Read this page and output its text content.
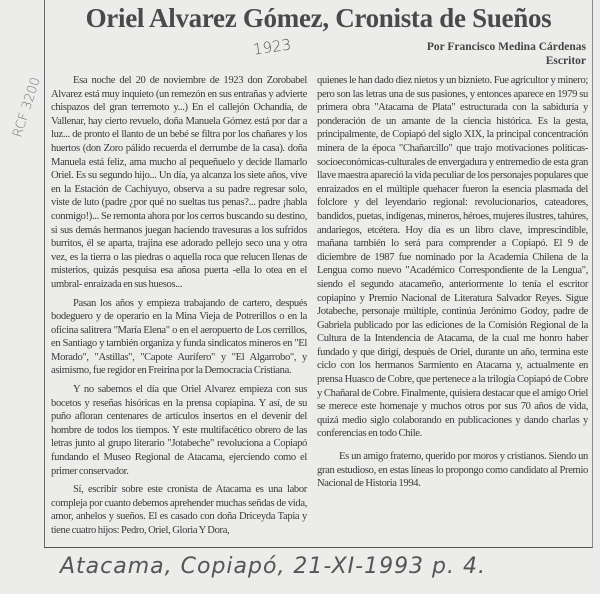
RCF 3200
Oriel Alvarez Gómez, Cronista de Sueños
1923	Por Francisco Medina Cárdenas
Escritor

Esa noche del 20 de noviembre de 1923 don Zorobabel Alvarez está muy inquieto (un remezón en sus entrañas y advierte chispazos del gran terremoto y...) En el callejón Ochandía, de Vallenar, hay cierto revuelo, doña Manuela Gómez está por dar a luz... de pronto el llanto de un bebé se filtra por los chañares y los huertos (don Zoro pálido recuerda el derrumbe de la casa). doña Manuela está feliz, ama mucho al pequeñuelo y decide llamarlo Oriel. Es su segundo hijo... Un día, ya alcanza los siete años, vive en la Estación de Cachiyuyo, observa a su padre regresar solo, viste de luto (padre ¿por qué no sueltas tus penas?... padre ¡habla conmigo!)... Se remonta ahora por los cerros buscando su destino, si sus demás hermanos juegan haciendo travesuras a los sufridos burritos, él se aparta, trajina ese adorado pellejo seco una y otra vez, es la tierra o las piedras o aquella roca que relucen llenas de misterios, quizás pesquisa esa añosa puerta -ella lo otea en el umbral- enraizada en sus huesos...

Pasan los años y empieza trabajando de cartero, después bodeguero y de operario en la Mina Vieja de Potrerillos o en la oficina salitrera "María Elena" o en el aeropuerto de Los cerrillos, en Santiago y también organiza y funda sindicatos mineros en "El Morado", "Astillas", "Capote Aurífero" y "El Algarrobo", y asimismo, fue regidor en Freirina por la Democracia Cristiana.

Y no sabemos el día que Oriel Alvarez empieza con sus bocetos y reseñas hisóricas en la prensa copiapina. Y así, de su puño afloran centenares de artículos insertos en el devenir del hombre de todos los tiempos. Y este multifacético obrero de las letras junto al grupo literario "Jotabeche" revoluciona a Copiapó fundando el Museo Regional de Atacama, ejerciendo como el primer conservador.

Sí, escribir sobre este cronista de Atacama es una labor compleja por cuanto debemos aprehender muchas señdas de vida, amor, anhelos y sueños. El es casado con doña Driceyda Tapia y tiene cuatro hijos: Pedro, Oriel, Gloria Y Dora,

quienes le han dado diez nietos y un biznieto. Fue agricultor y minero; pero son las letras una de sus pasiones, y entonces aparece en 1979 su primera obra "Atacama de Plata" estructurada con la sabiduría y ponderación de un amante de la ciencia histórica. Es la gesta, principalmente, de Copiapó del siglo XIX, la principal concentración minera de la época "Chañarcillo" que trajo motivaciones políticas-socioeconómicas-culturales de envergadura y entremedio de esta gran llave maestra apareció la vida peculiar de los personajes populares que enraizados en el múltiple quehacer fueron la esencia plasmada del folclore y del leyendario regional: revolucionarios, cateadores, bandidos, puetas, indígenas, mineros, héroes, mujeres ilustres, tahúres, andariegos, etcétera. Hoy día es un libro clave, imprescindible, mañana también lo será para comprender a Copiapó. El 9 de diciembre de 1987 fue nominado por la Academia Chilena de la Lengua como nuevo "Académico Correspondiente de la Lengua", siendo el segundo atacameño, anteriormente lo tenía el escritor copiapino y Premio Nacional de Literatura Salvador Reyes. Sigue Jotabeche, personaje múltiple, continúa Jerónimo Godoy, padre de Gabriela publicado por las ediciones de la Comisión Regional de la Cultura de la Intendencia de Atacama, de la cual me honro haber fundado y que dirigí, después de Oriel, durante un año, termina este ciclo con los hermanos Sarmiento en Atacama y, actualmente en prensa Huasco de Cobre, que pertenece a la trilogía Copiapó de Cobre y Chañaral de Cobre. Finalmente, quisiera destacar que el amigo Oriel se merece este homenaje y muchos otros por sus 70 años de vida, quizá medio siglo colaborando en publicaciones y dando charlas y conferencias en todo Chile.

Es un amigo fraterno, querido por moros y cristianos. Siendo un gran estudioso, en estas líneas lo propongo como candidato al Premio Nacional de Historia 1994.

Atacama, Copiapó, 21-XI-1993 p. 4.
